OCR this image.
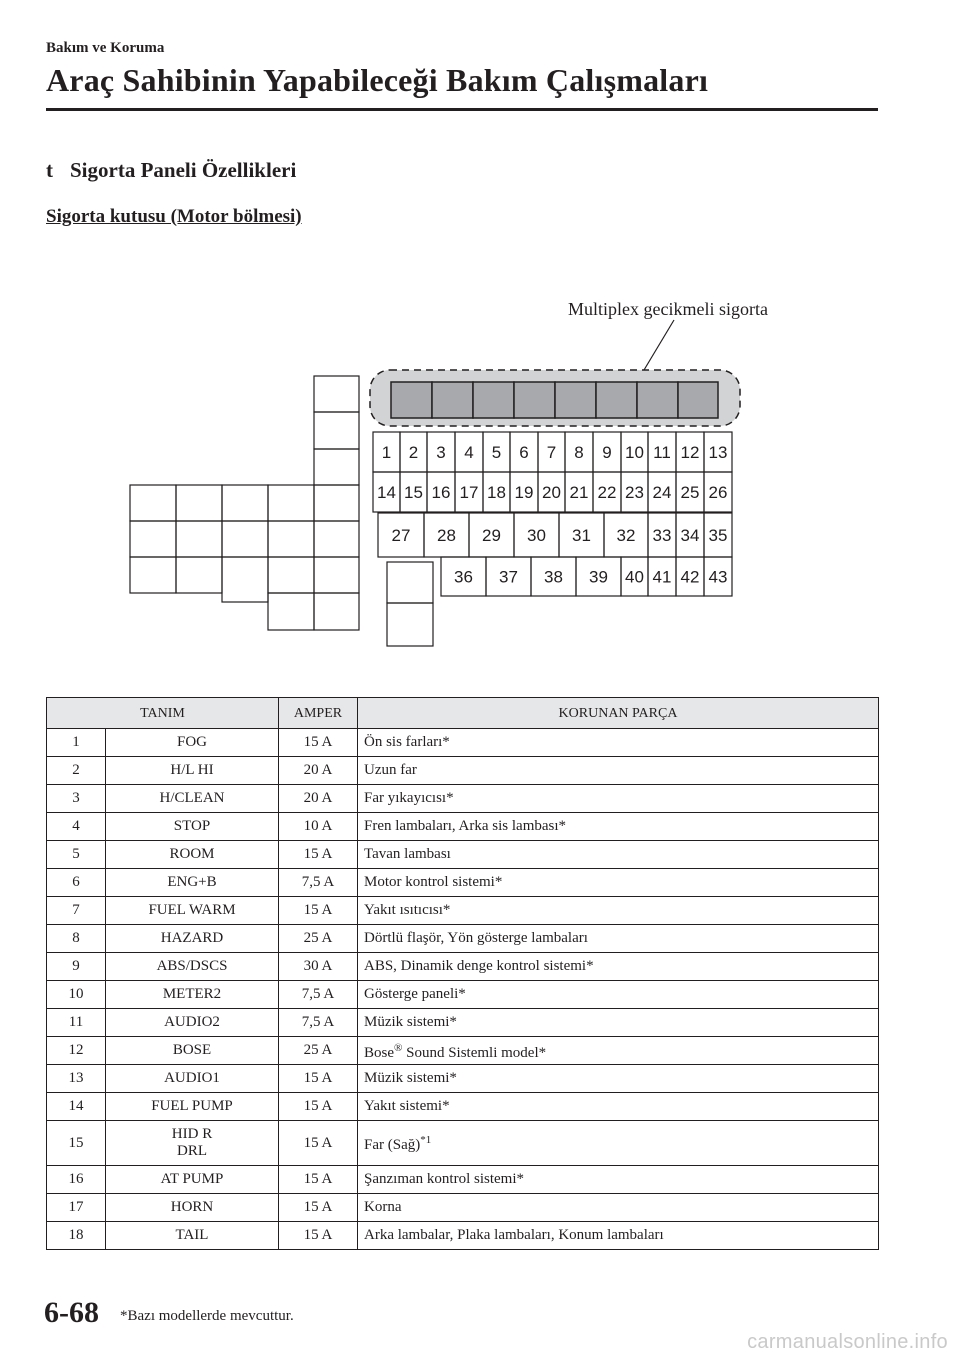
Bakım ve Koruma
Araç Sahibinin Yapabileceği Bakım Çalışmaları
t Sigorta Paneli Özellikleri
Sigorta kutusu (Motor bölmesi)
Multiplex gecikmeli sigorta
1 2 3 4 5 6 7 8 9 10 11 12 13
14 15 16 17 18 19 20 21 22 23 24 25 26
27 28 29 30 31 32 33 34 35
36 37 38 39 40 41 42 43
TANIM		AMPER	KORUNAN PARÇA
1	FOG	15 A	Ön sis farları*
2	H/L HI	20 A	Uzun far
3	H/CLEAN	20 A	Far yıkayıcısı*
4	STOP	10 A	Fren lambaları, Arka sis lambası*
5	ROOM	15 A	Tavan lambası
6	ENG+B	7,5 A	Motor kontrol sistemi*
7	FUEL WARM	15 A	Yakıt ısıtıcısı*
8	HAZARD	25 A	Dörtlü flaşör, Yön gösterge lambaları
9	ABS/DSCS	30 A	ABS, Dinamik denge kontrol sistemi*
10	METER2	7,5 A	Gösterge paneli*
11	AUDIO2	7,5 A	Müzik sistemi*
12	BOSE	25 A	Bose® Sound Sistemli model*
13	AUDIO1	15 A	Müzik sistemi*
14	FUEL PUMP	15 A	Yakıt sistemi*
15	HID R
DRL	15 A	Far (Sağ)$^{*1}$
16	AT PUMP	15 A	Şanzıman kontrol sistemi*
17	HORN	15 A	Korna
18	TAIL	15 A	Arka lambalar, Plaka lambaları, Konum lambaları
6-68 *Bazı modellerde mevcuttur.
carmanualsonline.info
